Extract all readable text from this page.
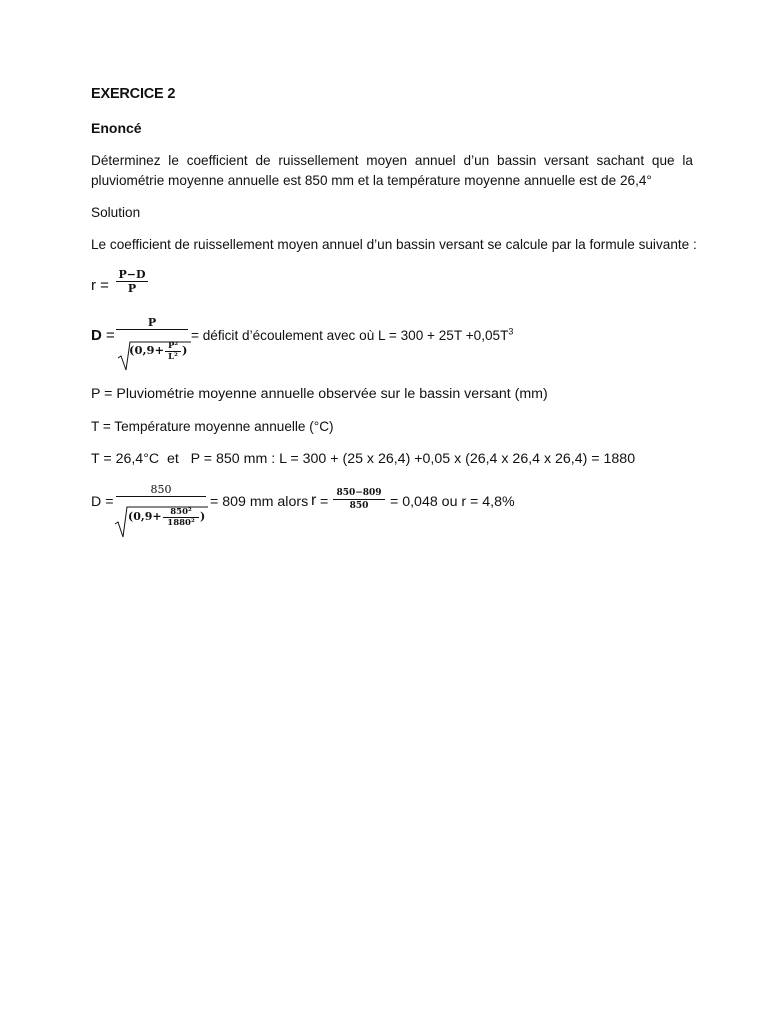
EXERCICE 2
Enoncé
Déterminez le coefficient de ruissellement moyen annuel d’un bassin versant sachant que la pluviométrie moyenne annuelle est 850 mm et la température moyenne annuelle est de 26,4°
Solution
Le coefficient de ruissellement moyen annuel d’un bassin versant se calcule par la formule suivante :
r =
P−D
P
D =
P
(0,9+ P²
L² )
= déficit d’écoulement avec où $L = 300 + 25T +0,05T^3$
P = Pluviométrie moyenne annuelle observée sur le bassin versant (mm)
T = Température moyenne annuelle (°C)
T = 26,4°C  et   P = 850 mm : L = 300 + (25 x 26,4) +0,05 x (26,4 x 26,4 x 26,4) = 1880
D =
850
(0,9+	850²
1880² )
= 809 mm alors r =
850−809
850	= 0,048 ou r = 4,8%
